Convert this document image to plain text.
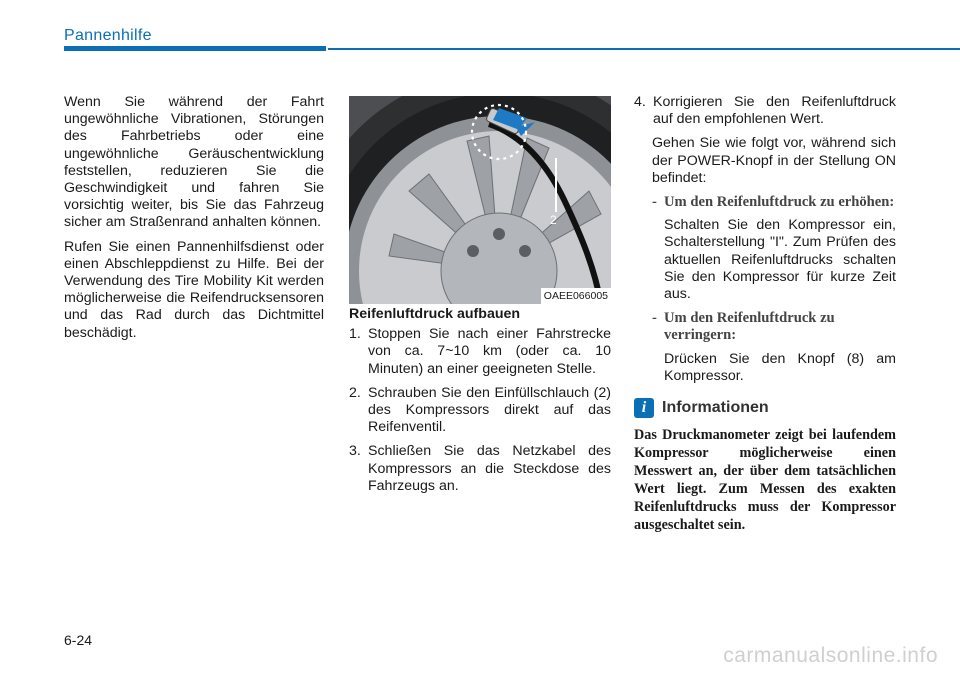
Pannenhilfe

Wenn Sie während der Fahrt ungewöhnliche Vibrationen, Störungen des Fahrbetriebs oder eine ungewöhnliche Geräuschentwicklung feststellen, reduzieren Sie die Geschwindigkeit und fahren Sie vorsichtig weiter, bis Sie das Fahrzeug sicher am Straßenrand anhalten können.

Rufen Sie einen Pannenhilfsdienst oder einen Abschleppdienst zu Hilfe. Bei der Verwendung des Tire Mobility Kit werden möglicherweise die Reifendrucksensoren und das Rad durch das Dichtmittel beschädigt.

2
OAEE066005

Reifenluftdruck aufbauen

1. Stoppen Sie nach einer Fahrstrecke von ca. 7~10 km (oder ca. 10 Minuten) an einer geeigneten Stelle.
2. Schrauben Sie den Einfüllschlauch (2) des Kompressors direkt auf das Reifenventil.
3. Schließen Sie das Netzkabel des Kompressors an die Steckdose des Fahrzeugs an.
4. Korrigieren Sie den Reifenluftdruck auf den empfohlenen Wert.

Gehen Sie wie folgt vor, während sich der POWER-Knopf in der Stellung ON befindet:

- Um den Reifenluftdruck zu erhöhen:

Schalten Sie den Kompressor ein, Schalterstellung "I". Zum Prüfen des aktuellen Reifenluftdrucks schalten Sie den Kompressor für kurze Zeit aus.

- Um den Reifenluftdruck zu verringern:

Drücken Sie den Knopf (8) am Kompressor.

i Informationen

Das Druckmanometer zeigt bei laufendem Kompressor möglicherweise einen Messwert an, der über dem tatsächlichen Wert liegt. Zum Messen des exakten Reifenluftdrucks muss der Kompressor ausgeschaltet sein.

6-24
carmanualsonline.info
